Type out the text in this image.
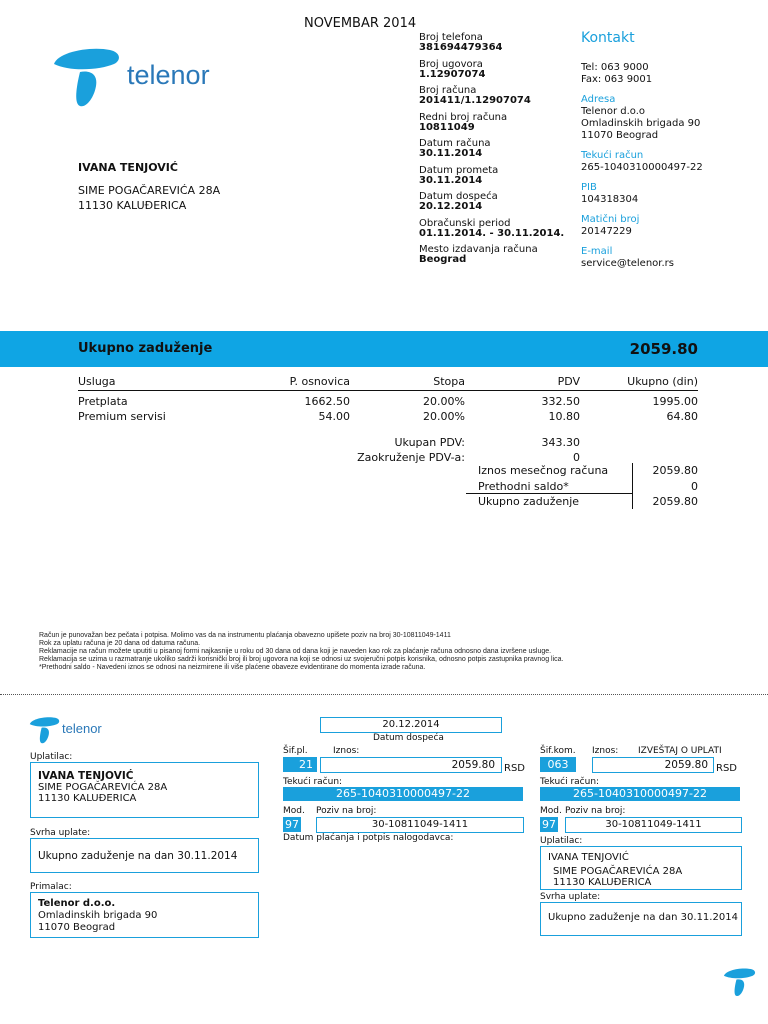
telenor
NOVEMBAR 2014
IVANA TENJOVIĆ
SIME POGAČAREVIĆA 28A
11130 KALUĐERICA
Broj telefona
381694479364
Broj ugovora
1.12907074
Broj računa
201411/1.12907074
Redni broj računa
10811049
Datum računa
30.11.2014
Datum prometa
30.11.2014
Datum dospeća
20.12.2014
Obračunski period
01.11.2014. - 30.11.2014.
Mesto izdavanja računa
Beograd
Kontakt
Tel: 063 9000
Fax: 063 9001
Adresa
Telenor d.o.o
Omladinskih brigada 90
11070 Beograd
Tekući račun
265-1040310000497-22
PIB
104318304
Matični broj
20147229
E-mail
service@telenor.rs
Ukupno zaduženje	2059.80
Usluga	P. osnovica	Stopa	PDV	Ukupno (din)
Pretplata	1662.50	20.00%	332.50	1995.00
Premium servisi	54.00	20.00%	10.80	64.80
Ukupan PDV:	343.30
Zaokruženje PDV-a:	0
Iznos mesečnog računa	2059.80
Prethodni saldo*	0
Ukupno zaduženje	2059.80
Račun je punovažan bez pečata i potpisa. Molimo vas da na instrumentu plaćanja obavezno upišete poziv na broj 30-10811049-1411
Rok za uplatu računa je 20 dana od datuma računa.
Reklamacije na račun možete uputiti u pisanoj formi najkasnije u roku od 30 dana od dana koji je naveden kao rok za plaćanje računa odnosno dana izvršene usluge.
Reklamacija se uzima u razmatranje ukoliko sadrži korisnički broj ili broj ugovora na koji se odnosi uz svojeručni potpis korisnika, odnosno potpis zastupnika pravnog lica.
*Prethodni saldo - Navedeni iznos se odnosi na neizmirene ili više plaćene obaveze evidentirane do momenta izrade računa.
telenor	20.12.2014
Datum dospeća
Uplatilac:
IVANA TENJOVIĆ
SIME POGAČAREVIĆA 28A
11130 KALUĐERICA
Svrha uplate:
Ukupno zaduženje na dan 30.11.2014
Primalac:
Telenor d.o.o.
Omladinskih brigada 90
11070 Beograd
Šif.pl.
21
Iznos:
2059.80 RSD
Tekući račun:
265-1040310000497-22
Mod.
97
Poziv na broj:
30-10811049-1411
Datum plaćanja i potpis nalogodavca:
Šif.kom. Iznos: IZVEŠTAJ O UPLATI
063	2059.80 RSD
Tekući račun:
265-1040310000497-22
Mod.
97
Poziv na broj:
30-10811049-1411
Uplatilac:
IVANA TENJOVIĆ
SIME POGAČAREVIĆA 28A
11130 KALUĐERICA
Svrha uplate:
Ukupno zaduženje na dan 30.11.2014
